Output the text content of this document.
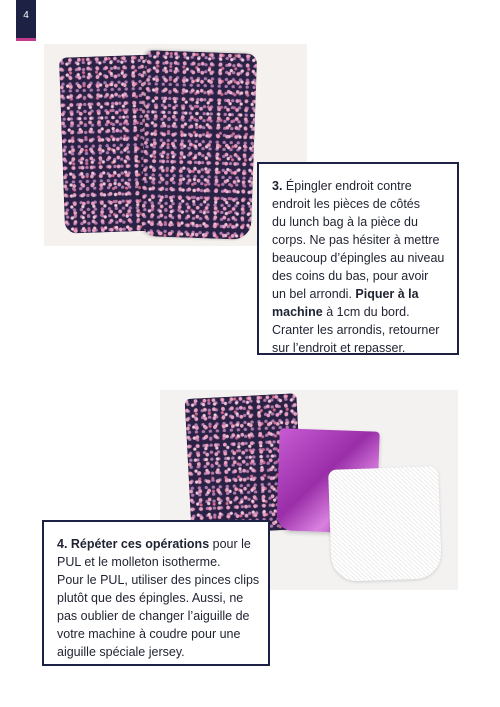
4
3. Épingler endroit contre
endroit les pièces de côtés
du lunch bag à la pièce du
corps. Ne pas hésiter à mettre
beaucoup d’épingles au niveau
des coins du bas, pour avoir
un bel arrondi. Piquer à la
machine à 1cm du bord.
Cranter les arrondis, retourner
sur l’endroit et repasser.
4. Répéter ces opérations pour le
PUL et le molleton isotherme.
Pour le PUL, utiliser des pinces clips
plutôt que des épingles. Aussi, ne
pas oublier de changer l’aiguille de
votre machine à coudre pour une
aiguille spéciale jersey.
